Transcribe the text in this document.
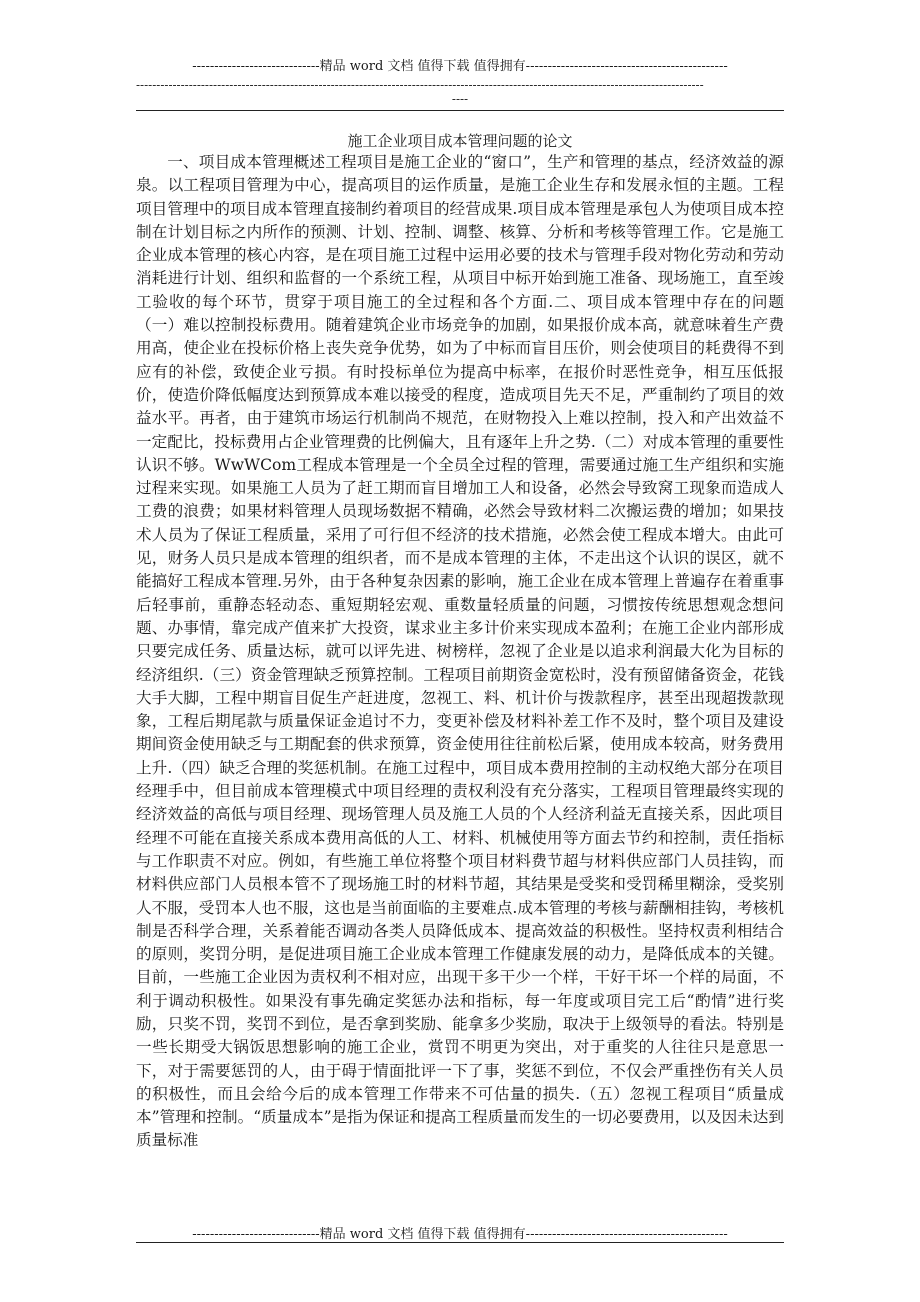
-----------------------------精品 word 文档 值得下载 值得拥有----------------------------------------------
--------------------------------------------------------------------------------------------------------------------------------------------
----
施工企业项目成本管理问题的论文

一、项目成本管理概述工程项目是施工企业的“窗口”，生产和管理的基点，经济效益的源泉。以工程项目管理为中心，提高项目的运作质量，是施工企业生存和发展永恒的主题。工程项目管理中的项目成本管理直接制约着项目的经营成果.项目成本管理是承包人为使项目成本控制在计划目标之内所作的预测、计划、控制、调整、核算、分析和考核等管理工作。它是施工企业成本管理的核心内容，是在项目施工过程中运用必要的技术与管理手段对物化劳动和劳动消耗进行计划、组织和监督的一个系统工程，从项目中标开始到施工准备、现场施工，直至竣工验收的每个环节，贯穿于项目施工的全过程和各个方面.二、项目成本管理中存在的问题（一）难以控制投标费用。随着建筑企业市场竞争的加剧，如果报价成本高，就意味着生产费用高，使企业在投标价格上丧失竞争优势，如为了中标而盲目压价，则会使项目的耗费得不到应有的补偿，致使企业亏损。有时投标单位为提高中标率，在报价时恶性竞争，相互压低报价，使造价降低幅度达到预算成本难以接受的程度，造成项目先天不足，严重制约了项目的效益水平。再者，由于建筑市场运行机制尚不规范，在财物投入上难以控制，投入和产出效益不一定配比，投标费用占企业管理费的比例偏大，且有逐年上升之势.（二）对成本管理的重要性认识不够。WwWCom工程成本管理是一个全员全过程的管理，需要通过施工生产组织和实施过程来实现。如果施工人员为了赶工期而盲目增加工人和设备，必然会导致窝工现象而造成人工费的浪费；如果材料管理人员现场数据不精确，必然会导致材料二次搬运费的增加；如果技术人员为了保证工程质量，采用了可行但不经济的技术措施，必然会使工程成本增大。由此可见，财务人员只是成本管理的组织者，而不是成本管理的主体，不走出这个认识的误区，就不能搞好工程成本管理.另外，由于各种复杂因素的影响，施工企业在成本管理上普遍存在着重事后轻事前，重静态轻动态、重短期轻宏观、重数量轻质量的问题，习惯按传统思想观念想问题、办事情，靠完成产值来扩大投资，谋求业主多计价来实现成本盈利；在施工企业内部形成只要完成任务、质量达标，就可以评先进、树榜样，忽视了企业是以追求利润最大化为目标的经济组织.（三）资金管理缺乏预算控制。工程项目前期资金宽松时，没有预留储备资金，花钱大手大脚，工程中期盲目促生产赶进度，忽视工、料、机计价与拨款程序，甚至出现超拨款现象，工程后期尾款与质量保证金追讨不力，变更补偿及材料补差工作不及时，整个项目及建设期间资金使用缺乏与工期配套的供求预算，资金使用往往前松后紧，使用成本较高，财务费用上升.（四）缺乏合理的奖惩机制。在施工过程中，项目成本费用控制的主动权绝大部分在项目经理手中，但目前成本管理模式中项目经理的责权利没有充分落实，工程项目管理最终实现的经济效益的高低与项目经理、现场管理人员及施工人员的个人经济利益无直接关系，因此项目经理不可能在直接关系成本费用高低的人工、材料、机械使用等方面去节约和控制，责任指标与工作职责不对应。例如，有些施工单位将整个项目材料费节超与材料供应部门人员挂钩，而材料供应部门人员根本管不了现场施工时的材料节超，其结果是受奖和受罚稀里糊涂，受奖别人不服，受罚本人也不服，这也是当前面临的主要难点.成本管理的考核与薪酬相挂钩，考核机制是否科学合理，关系着能否调动各类人员降低成本、提高效益的积极性。坚持权责利相结合的原则，奖罚分明，是促进项目施工企业成本管理工作健康发展的动力，是降低成本的关键。目前，一些施工企业因为责权利不相对应，出现干多干少一个样，干好干坏一个样的局面，不利于调动积极性。如果没有事先确定奖惩办法和指标，每一年度或项目完工后“酌情”进行奖励，只奖不罚，奖罚不到位，是否拿到奖励、能拿多少奖励，取决于上级领导的看法。特别是一些长期受大锅饭思想影响的施工企业，赏罚不明更为突出，对于重奖的人往往只是意思一下，对于需要惩罚的人，由于碍于情面批评一下了事，奖惩不到位，不仅会严重挫伤有关人员的积极性，而且会给今后的成本管理工作带来不可估量的损失.（五）忽视工程项目“质量成本”管理和控制。“质量成本”是指为保证和提高工程质量而发生的一切必要费用，以及因未达到质量标准

-----------------------------精品 word 文档 值得下载 值得拥有----------------------------------------------
